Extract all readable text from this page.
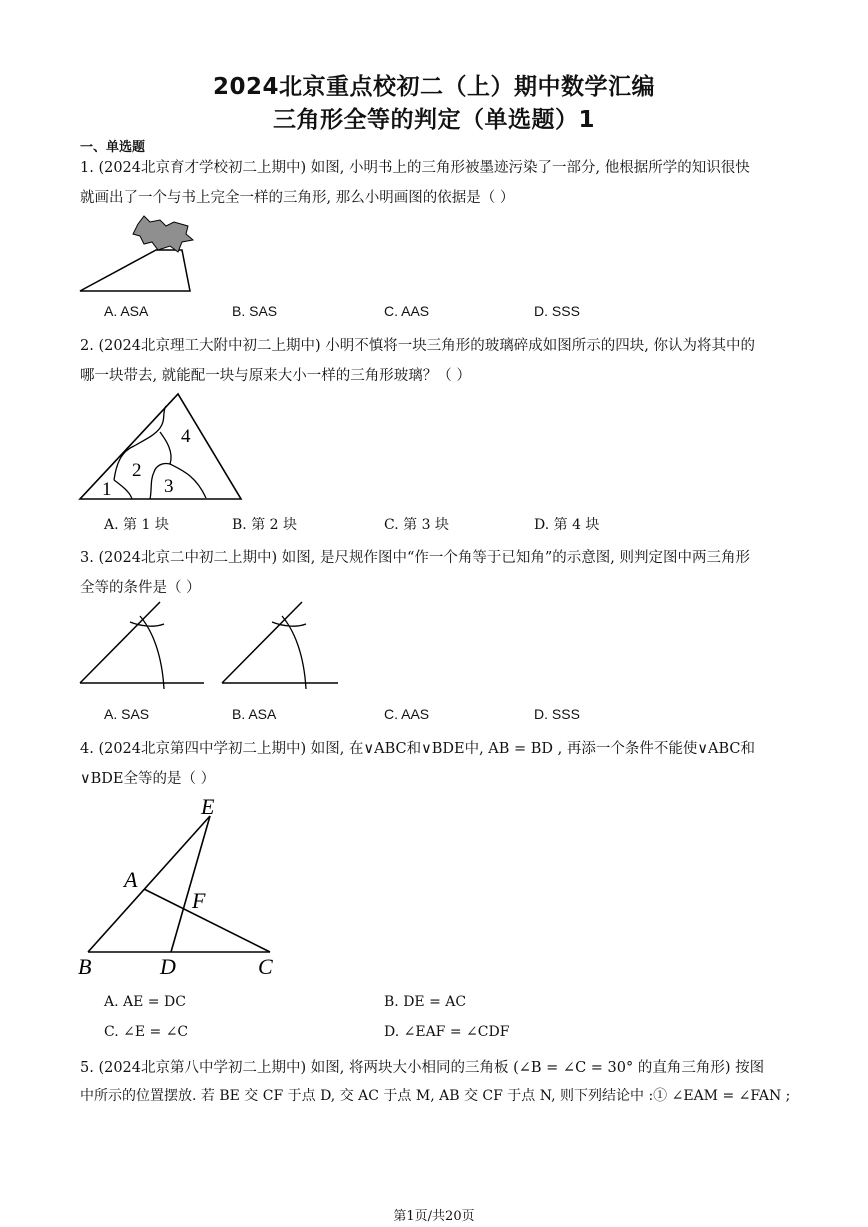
2024北京重点校初二（上）期中数学汇编
三角形全等的判定（单选题）1
一、单选题
1. (2024北京育才学校初二上期中) 如图, 小明书上的三角形被墨迹污染了一部分, 他根据所学的知识很快
就画出了一个与书上完全一样的三角形, 那么小明画图的依据是（ ）
A. ASA	B. SAS	C. AAS	D. SSS
2. (2024北京理工大附中初二上期中) 小明不慎将一块三角形的玻璃碎成如图所示的四块, 你认为将其中的
哪一块带去, 就能配一块与原来大小一样的三角形玻璃？（ ）
1
2
3
4
A. 第 1 块	B. 第 2 块	C. 第 3 块	D. 第 4 块
3. (2024北京二中初二上期中) 如图, 是尺规作图中“作一个角等于已知角”的示意图, 则判定图中两三角形
全等的条件是（ ）
A. SAS	B. ASA	C. AAS	D. SSS
4. (2024北京第四中学初二上期中) 如图, 在∨ABC和∨BDE中, AB = BD , 再添一个条件不能使∨ABC和
∨BDE全等的是（ ）
E
A
F
B	D	C
A. AE = DC	B. DE = AC
C. ∠E = ∠C	D. ∠EAF = ∠CDF
5. (2024北京第八中学初二上期中) 如图, 将两块大小相同的三角板 (∠B = ∠C = 30° 的直角三角形) 按图
中所示的位置摆放. 若 BE 交 CF 于点 D, 交 AC 于点 M, AB 交 CF 于点 N, 则下列结论中 :① ∠EAM = ∠FAN ;
第1页/共20页
